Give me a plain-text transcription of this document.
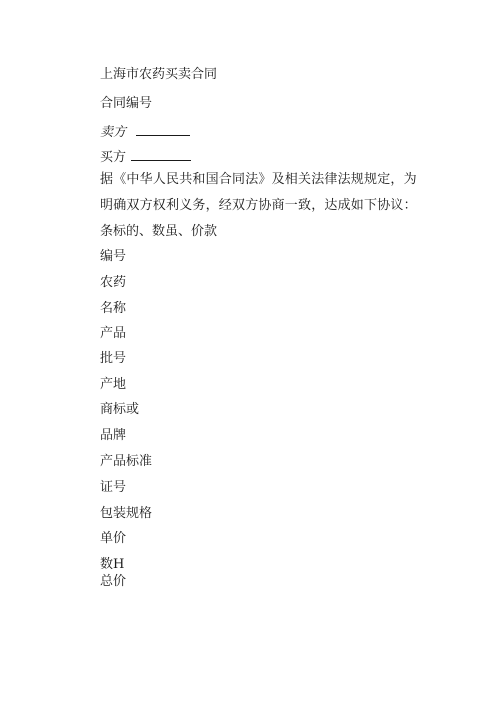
上海市农药买卖合同
合同编号
卖方
买方
据《中华人民共和国合同法》及相关法律法规规定，为 明确双方权利义务，经双方协商一致，达成如下协议：
条标的、数虽、价款
编号
农药
名称
产品
批号
产地
商标或
品牌
产品标准
证号
包装规格
单价
数H
总价
